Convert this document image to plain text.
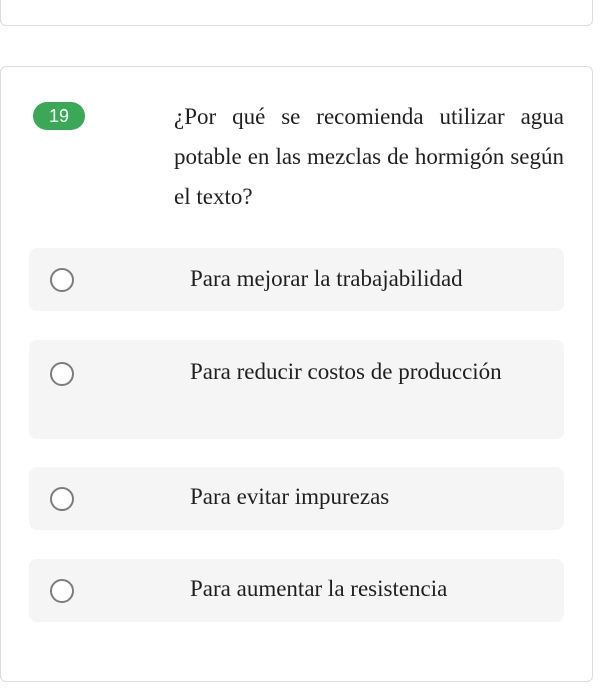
19	¿Por qué se recomienda utilizar agua potable en las mezclas de hormigón según el texto?
Para mejorar la trabajabilidad
Para reducir costos de producción
Para evitar impurezas
Para aumentar la resistencia
